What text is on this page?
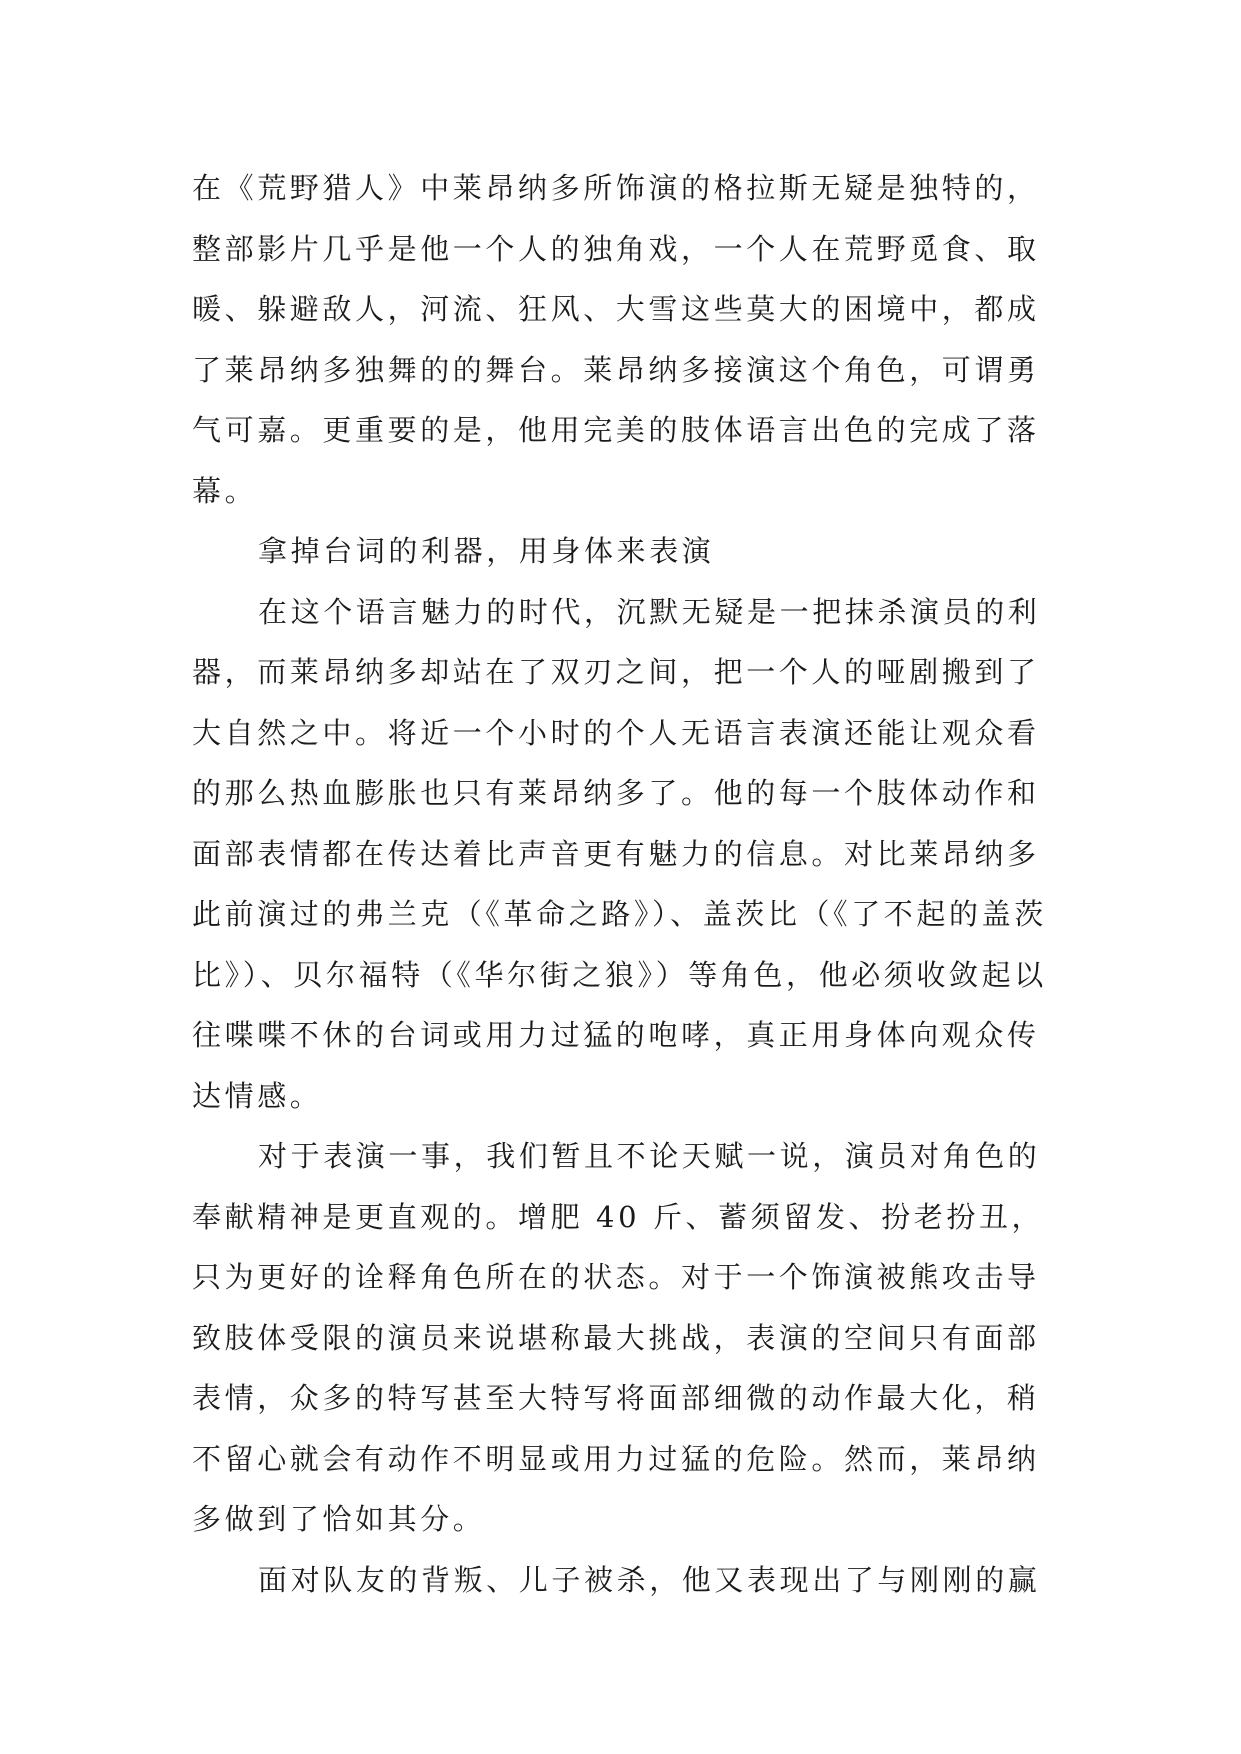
在《荒野猎人》中莱昂纳多所饰演的格拉斯无疑是独特的，
整部影片几乎是他一个人的独角戏，一个人在荒野觅食、取
暖、躲避敌人，河流、狂风、大雪这些莫大的困境中，都成
了莱昂纳多独舞的的舞台。莱昂纳多接演这个角色，可谓勇
气可嘉。更重要的是，他用完美的肢体语言出色的完成了落
幕。
拿掉台词的利器，用身体来表演
在这个语言魅力的时代，沉默无疑是一把抹杀演员的利
器，而莱昂纳多却站在了双刃之间，把一个人的哑剧搬到了
大自然之中。将近一个小时的个人无语言表演还能让观众看
的那么热血膨胀也只有莱昂纳多了。他的每一个肢体动作和
面部表情都在传达着比声音更有魅力的信息。对比莱昂纳多
此前演过的弗兰克（《革命之路》）、盖茨比（《了不起的盖茨
比》）、贝尔福特（《华尔街之狼》）等角色，他必须收敛起以
往喋喋不休的台词或用力过猛的咆哮，真正用身体向观众传
达情感。
对于表演一事，我们暂且不论天赋一说，演员对角色的
奉献精神是更直观的。增肥 40 斤、蓄须留发、扮老扮丑，
只为更好的诠释角色所在的状态。对于一个饰演被熊攻击导
致肢体受限的演员来说堪称最大挑战，表演的空间只有面部
表情，众多的特写甚至大特写将面部细微的动作最大化，稍
不留心就会有动作不明显或用力过猛的危险。然而，莱昂纳
多做到了恰如其分。
面对队友的背叛、儿子被杀，他又表现出了与刚刚的赢
